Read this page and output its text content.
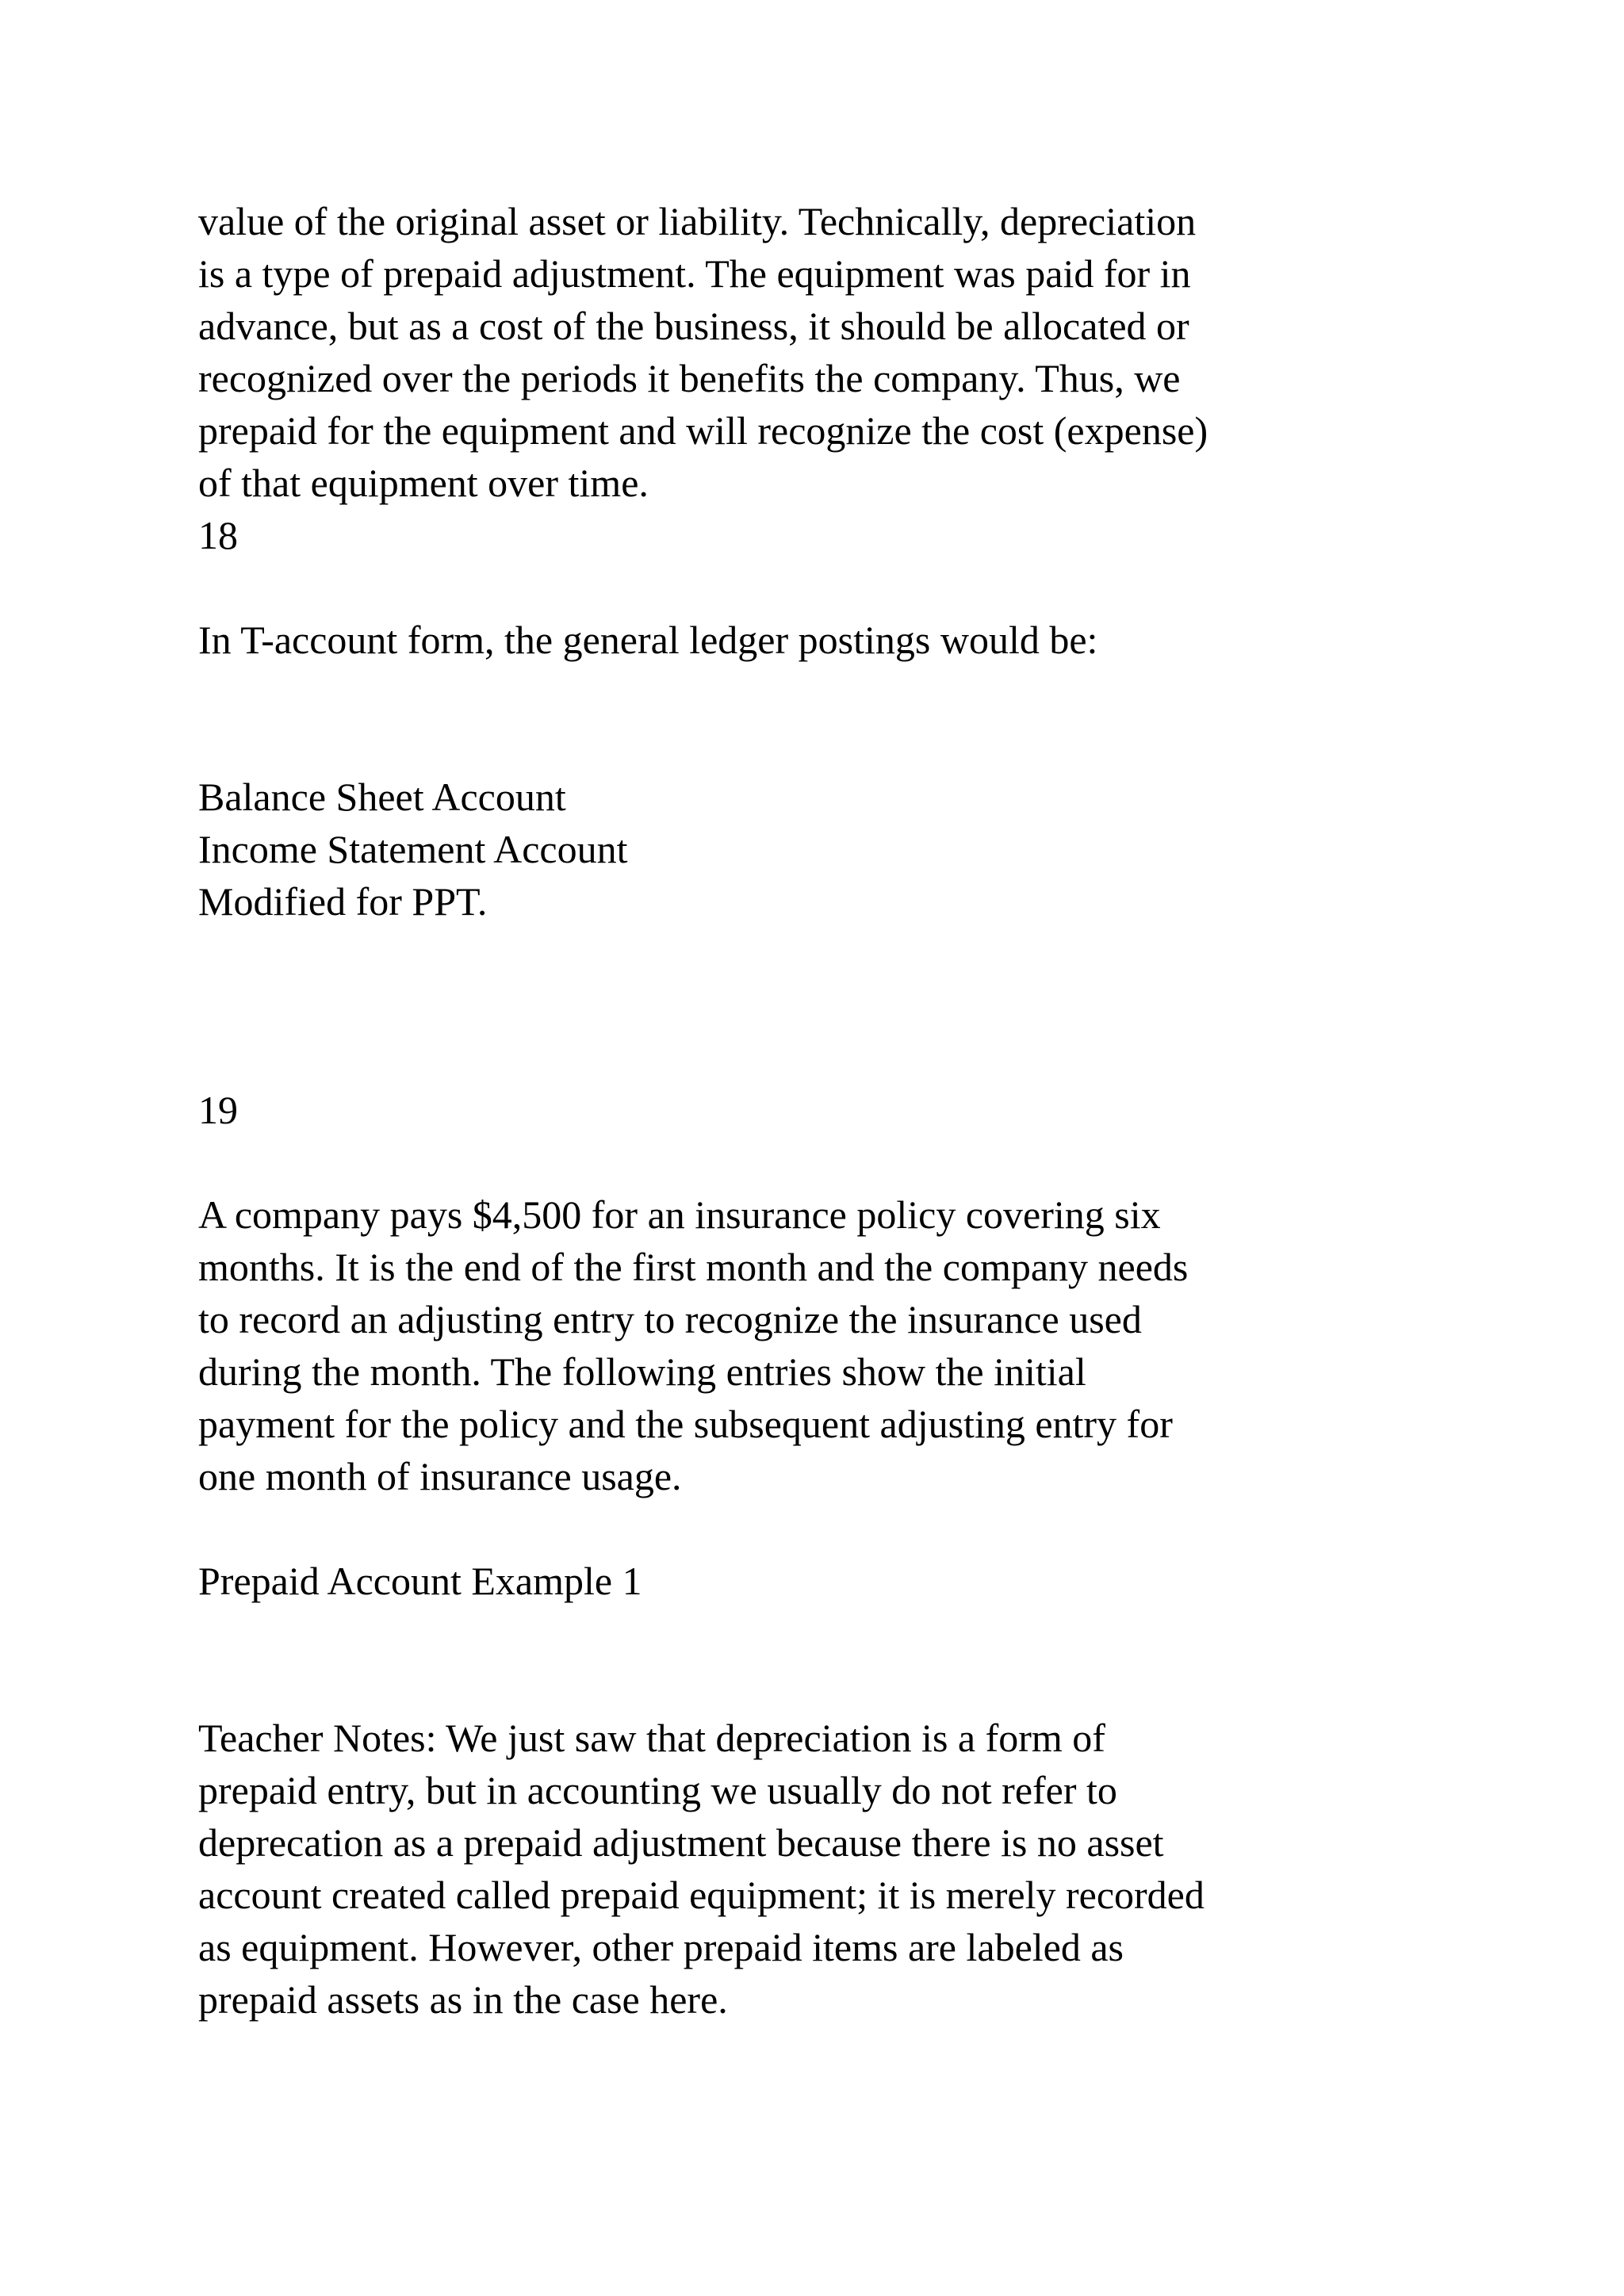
value of the original asset or liability. Technically, depreciation
is a type of prepaid adjustment. The equipment was paid for in
advance, but as a cost of the business, it should be allocated or
recognized over the periods it benefits the company. Thus, we
prepaid for the equipment and will recognize the cost (expense)
of that equipment over time.
18
In T-account form, the general ledger postings would be:
Balance Sheet Account
Income Statement Account
Modified for PPT.
19
A company pays $4,500 for an insurance policy covering six
months. It is the end of the first month and the company needs
to record an adjusting entry to recognize the insurance used
during the month. The following entries show the initial
payment for the policy and the subsequent adjusting entry for
one month of insurance usage.
Prepaid Account Example 1
Teacher Notes: We just saw that depreciation is a form of
prepaid entry, but in accounting we usually do not refer to
deprecation as a prepaid adjustment because there is no asset
account created called prepaid equipment; it is merely recorded
as equipment. However, other prepaid items are labeled as
prepaid assets as in the case here.
